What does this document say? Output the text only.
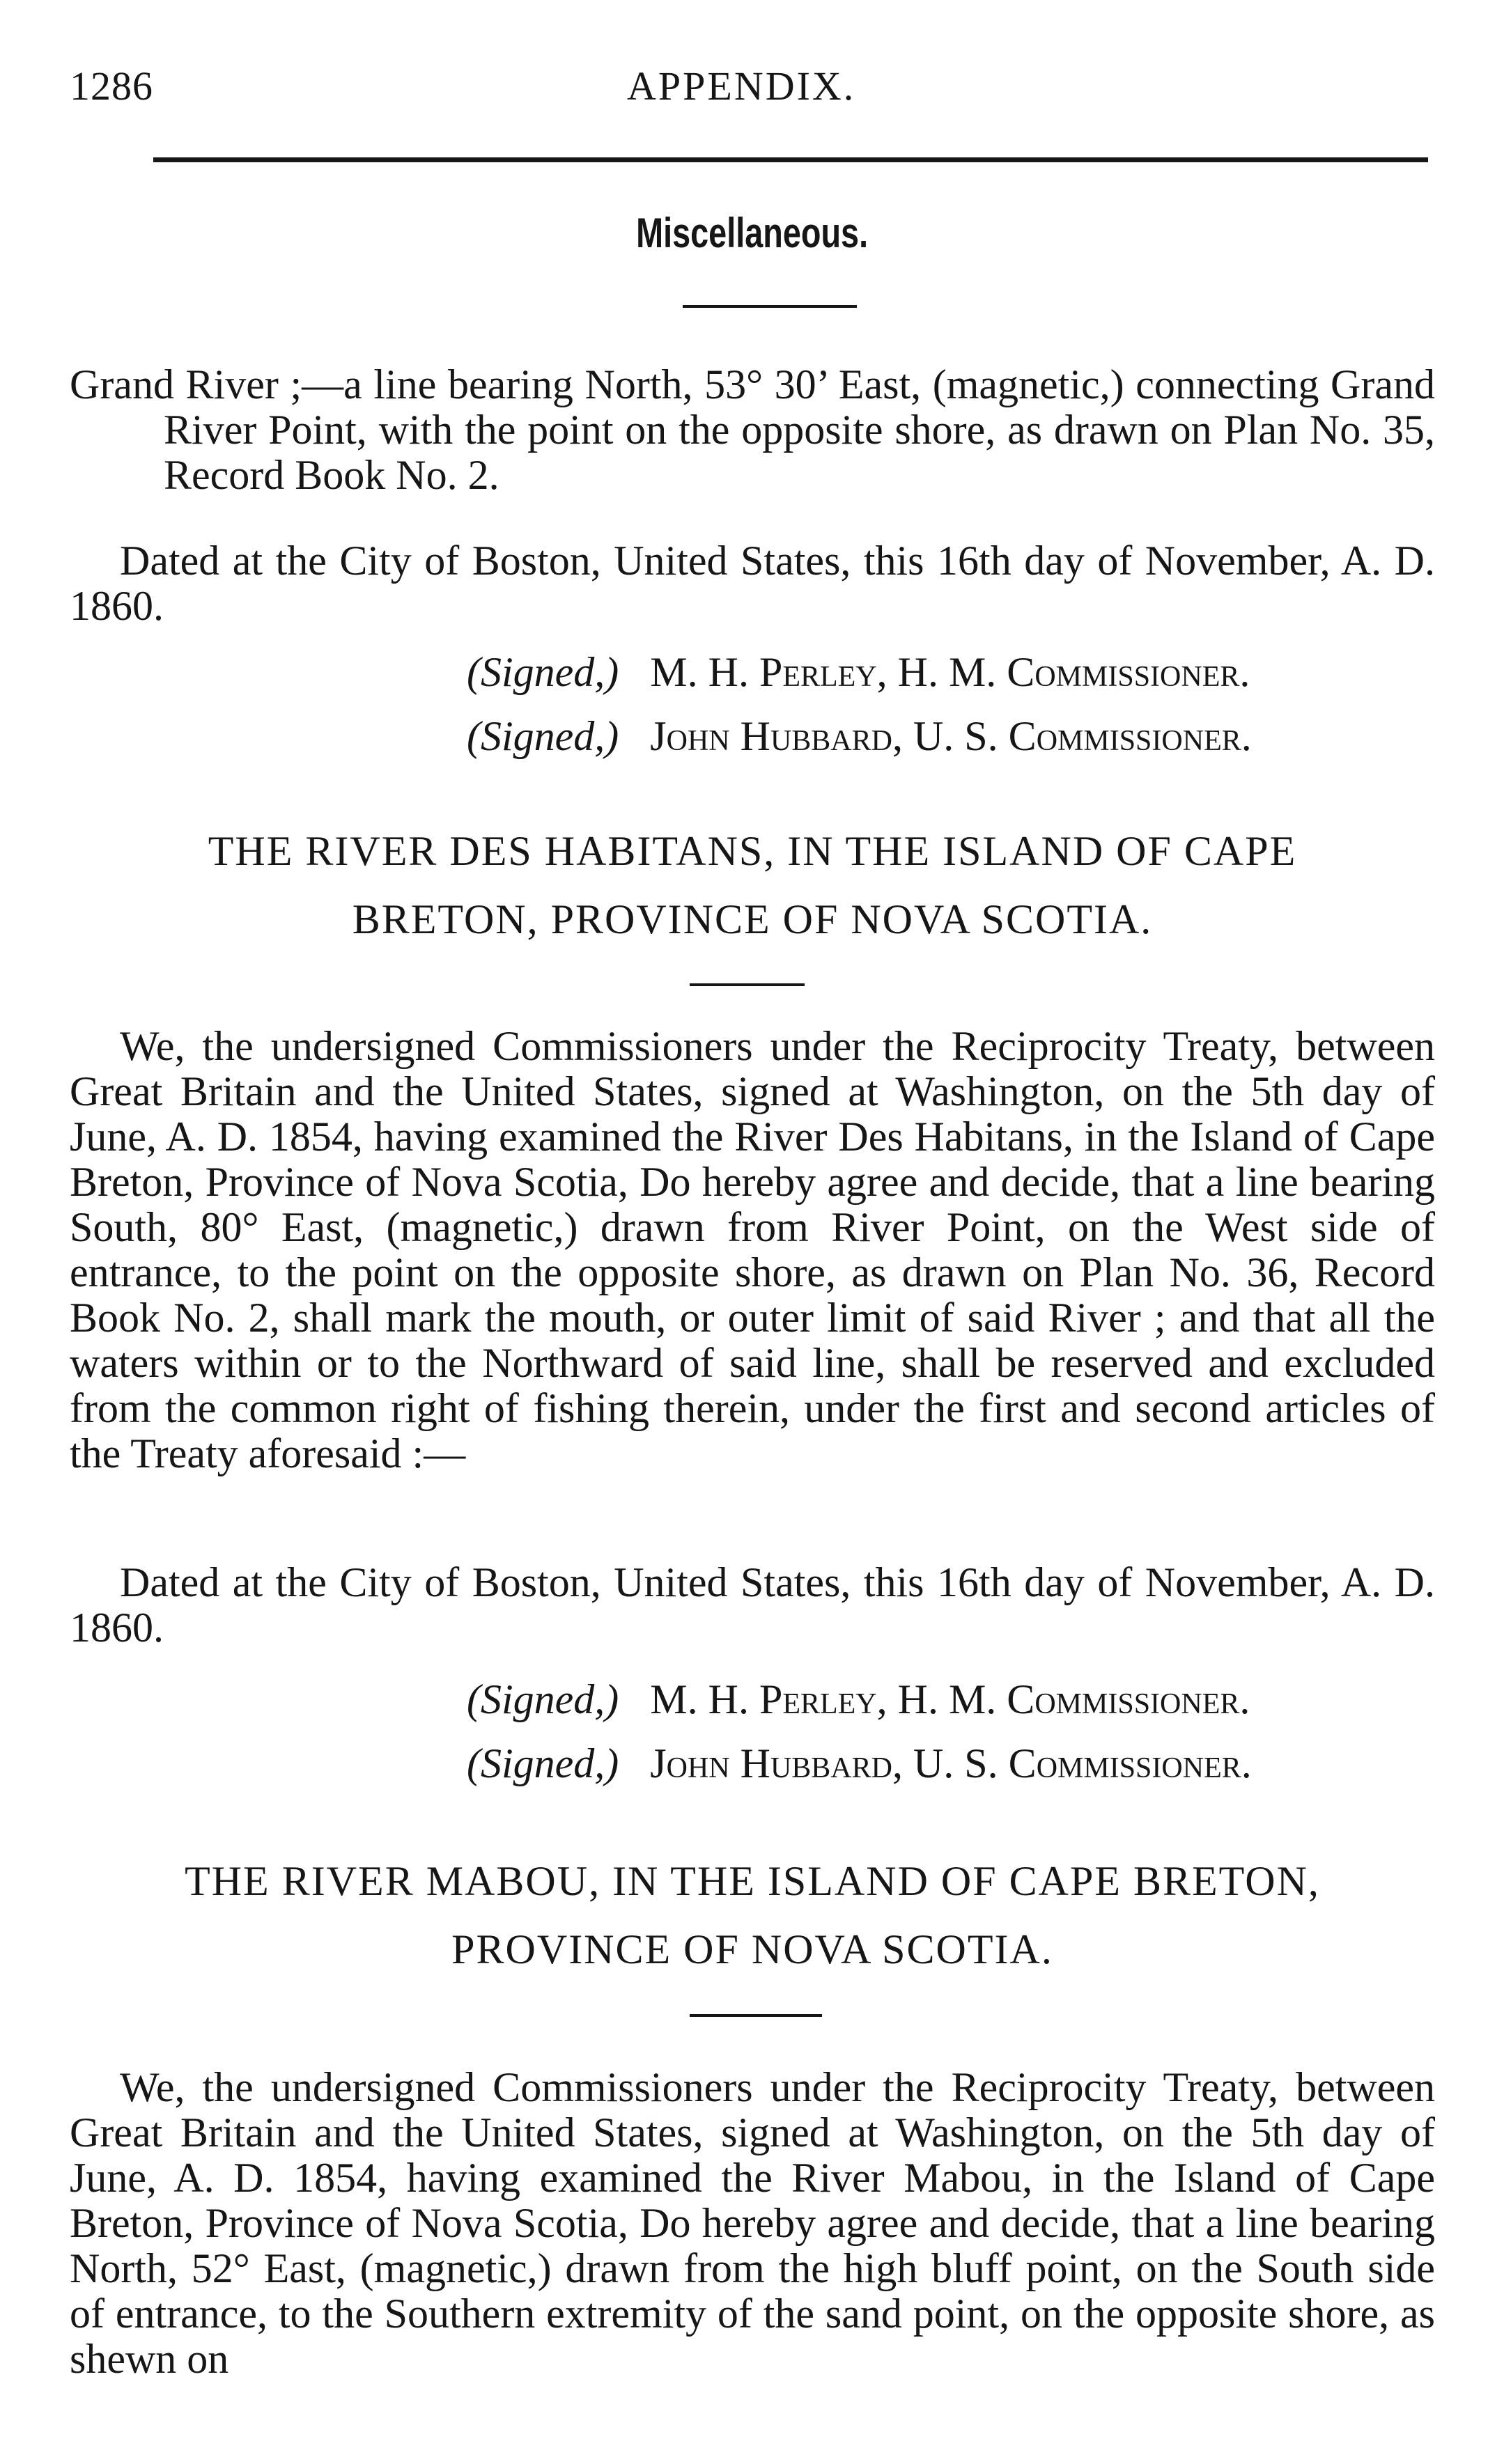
1286	APPENDIX.
Miscellaneous.
Grand River ;—a line bearing North, 53° 30’ East, (magnetic,) connecting Grand River Point, with the point on the opposite shore, as drawn on Plan No. 35, Record Book No. 2.
Dated at the City of Boston, United States, this 16th day of November, A. D. 1860.
(Signed,) M. H. Perley, H. M. Commissioner.
(Signed,) John Hubbard, U. S. Commissioner.
THE RIVER DES HABITANS, IN THE ISLAND OF CAPE
BRETON, PROVINCE OF NOVA SCOTIA.
We, the undersigned Commissioners under the Reciprocity Treaty, between Great Britain and the United States, signed at Washington, on the 5th day of June, A. D. 1854, having examined the River Des Habitans, in the Island of Cape Breton, Province of Nova Scotia, Do hereby agree and decide, that a line bearing South, 80° East, (magnetic,) drawn from River Point, on the West side of entrance, to the point on the opposite shore, as drawn on Plan No. 36, Record Book No. 2, shall mark the mouth, or outer limit of said River ; and that all the waters within or to the Northward of said line, shall be reserved and excluded from the common right of fishing therein, under the first and second articles of the Treaty aforesaid :—
Dated at the City of Boston, United States, this 16th day of November, A. D. 1860.
(Signed,) M. H. Perley, H. M. Commissioner.
(Signed,) John Hubbard, U. S. Commissioner.
THE RIVER MABOU, IN THE ISLAND OF CAPE BRETON,
PROVINCE OF NOVA SCOTIA.
We, the undersigned Commissioners under the Reciprocity Treaty, between Great Britain and the United States, signed at Washington, on the 5th day of June, A. D. 1854, having examined the River Mabou, in the Island of Cape Breton, Province of Nova Scotia, Do hereby agree and decide, that a line bearing North, 52° East, (magnetic,) drawn from the high bluff point, on the South side of entrance, to the Southern extremity of the sand point, on the opposite shore, as shewn on
